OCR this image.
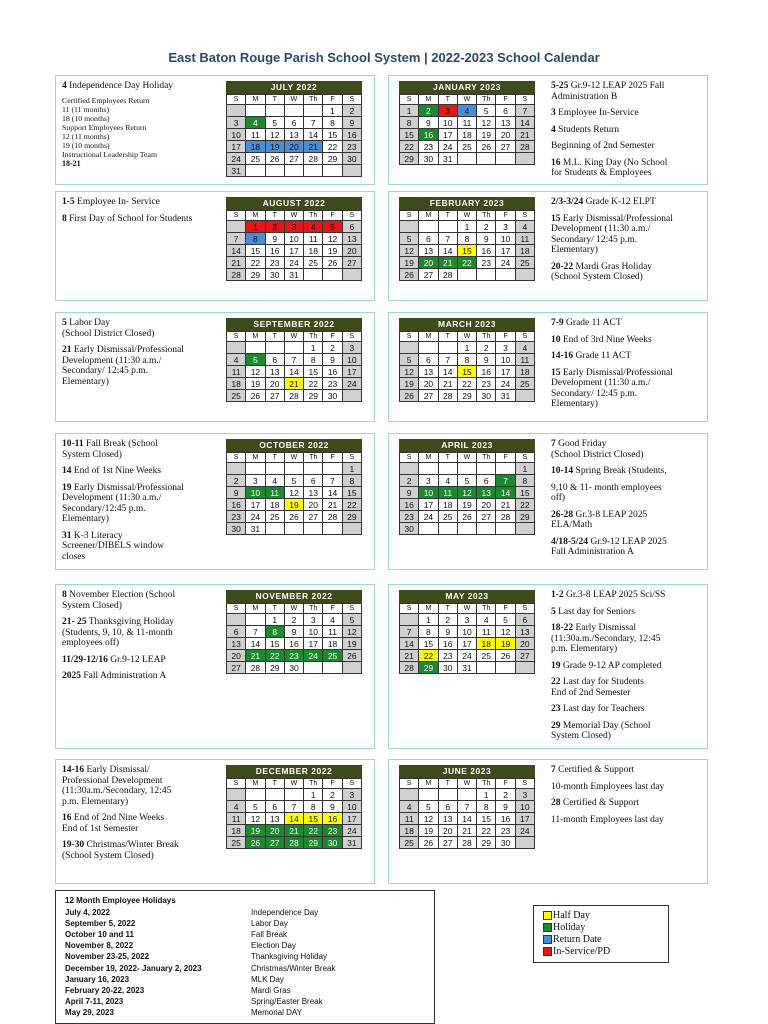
East Baton Rouge Parish School System | 2022-2023 School Calendar
4 Independence Day Holiday
Certified Employees Return
11 (11 months)
18 (10 months)
Support Employees Return
12 (11 months)
19 (10 months)
Instructional Leadership Team
18-21
JULY 2022
S	M	T	W	Th	F	S
					1	2
3	4	5	6	7	8	9
10	11	12	13	14	15	16
17	18	19	20	21	22	23
24	25	26	27	28	29	30
31						
JANUARY 2023
S	M	T	W	Th	F	S
1	2	3	4	5	6	7
8	9	10	11	12	13	14
15	16	17	18	19	20	21
22	23	24	25	26	27	28
29	30	31				
5-25 Gr.9-12 LEAP 2025 Fall
Administration B
3 Employee In-Service
4 Students Return
Beginning of 2nd Semester
16 M.L. King Day (No School
for Students & Employees
1-5 Employee In- Service
8 First Day of School for Students
AUGUST 2022
S	M	T	W	Th	F	S
	1	2	3	4	5	6
7	8	9	10	11	12	13
14	15	16	17	18	19	20
21	22	23	24	25	26	27
28	29	30	31			
FEBRUARY 2023
S	M	T	W	Th	F	S
			1	2	3	4
5	6	7	8	9	10	11
12	13	14	15	16	17	18
19	20	21	22	23	24	25
26	27	28				
2/3-3/24 Grade K-12 ELPT
15 Early Dismissal/Professional
Development (11:30 a.m./
Secondary/ 12:45 p.m.
Elementary)
20-22 Mardi Gras Holiday
(School System Closed)
5 Labor Day
(School District Closed)
21 Early Dismissal/Professional
Development (11:30 a.m./
Secondary/ 12:45 p.m.
Elementary)
SEPTEMBER 2022
S	M	T	W	Th	F	S
				1	2	3
4	5	6	7	8	9	10
11	12	13	14	15	16	17
18	19	20	21	22	23	24
25	26	27	28	29	30	
MARCH 2023
S	M	T	W	Th	F	S
			1	2	3	4
5	6	7	8	9	10	11
12	13	14	15	16	17	18
19	20	21	22	23	24	25
26	27	28	29	30	31	
7-9 Grade 11 ACT
10 End of 3rd Nine Weeks
14-16 Grade 11 ACT
15 Early Dismissal/Professional
Development (11:30 a.m./
Secondary/ 12:45 p.m.
Elementary)
10-11 Fall Break (School
System Closed)
14 End of 1st Nine Weeks
19 Early Dismissal/Professional
Development (11:30 a.m./
Secondary/12:45 p.m.
Elementary)
31 K-3 Literacy
Screener/DIBELS window
closes
OCTOBER 2022
S	M	T	W	Th	F	S
						1
2	3	4	5	6	7	8
9	10	11	12	13	14	15
16	17	18	19	20	21	22
23	24	25	26	27	28	29
30	31					
APRIL 2023
S	M	T	W	Th	F	S
						1
2	3	4	5	6	7	8
9	10	11	12	13	14	15
16	17	18	19	20	21	22
23	24	25	26	27	28	29
30						
7 Good Friday
(School District Closed)
10-14 Spring Break (Students,
9,10 & 11- month employees
off)
26-28 Gr.3-8 LEAP 2025
ELA/Math
4/18-5/24 Gr.9-12 LEAP 2025
Fall Administration A
8 November Election (School
System Closed)
21- 25 Thanksgiving Holiday
(Students, 9, 10, & 11-month
employees off)
11/29-12/16 Gr.9-12 LEAP
2025 Fall Administration A
NOVEMBER 2022
S	M	T	W	Th	F	S
		1	2	3	4	5
6	7	8	9	10	11	12
13	14	15	16	17	18	19
20	21	22	23	24	25	26
27	28	29	30			
MAY 2023
S	M	T	W	Th	F	S
	1	2	3	4	5	6
7	8	9	10	11	12	13
14	15	16	17	18	19	20
21	22	23	24	25	26	27
28	29	30	31			
1-2 Gr.3-8 LEAP 2025 Sci/SS
5 Last day for Seniors
18-22 Early Dismissal
(11:30a.m./Secondary, 12:45
p.m. Elementary)
19 Grade 9-12 AP completed
22 Last day for Students
End of 2nd Semester
23 Last day for Teachers
29 Memorial Day (School
System Closed)
14-16 Early Dismissal/
Professional Development
(11:30a.m./Secondary, 12:45
p.m. Elementary)
16 End of 2nd Nine Weeks
End of 1st Semester
19-30 Christmas/Winter Break
(School System Closed)
DECEMBER 2022
S	M	T	W	Th	F	S
				1	2	3
4	5	6	7	8	9	10
11	12	13	14	15	16	17
18	19	20	21	22	23	24
25	26	27	28	29	30	31
JUNE 2023
S	M	T	W	Th	F	S
				1	2	3
4	5	6	7	8	9	10
11	12	13	14	15	16	17
18	19	20	21	22	23	24
25	26	27	28	29	30	
7 Certified & Support
10-month Employees last day
28 Certified & Support
11-month Employees last day
12 Month Employee Holidays
July 4, 2022	Independence Day
September 5, 2022	Labor Day
October 10 and 11	Fall Break
November 8, 2022	Election Day
November 23-25, 2022	Thanksgiving Holiday
December 19, 2022- January 2, 2023	Christmas/Winter Break
January 16, 2023	MLK Day
February 20-22, 2023	Mardi Gras
April 7-11, 2023	Spring/Easter Break
May 29, 2023	Memorial DAY
Half Day
Holiday
Return Date
In-Service/PD
